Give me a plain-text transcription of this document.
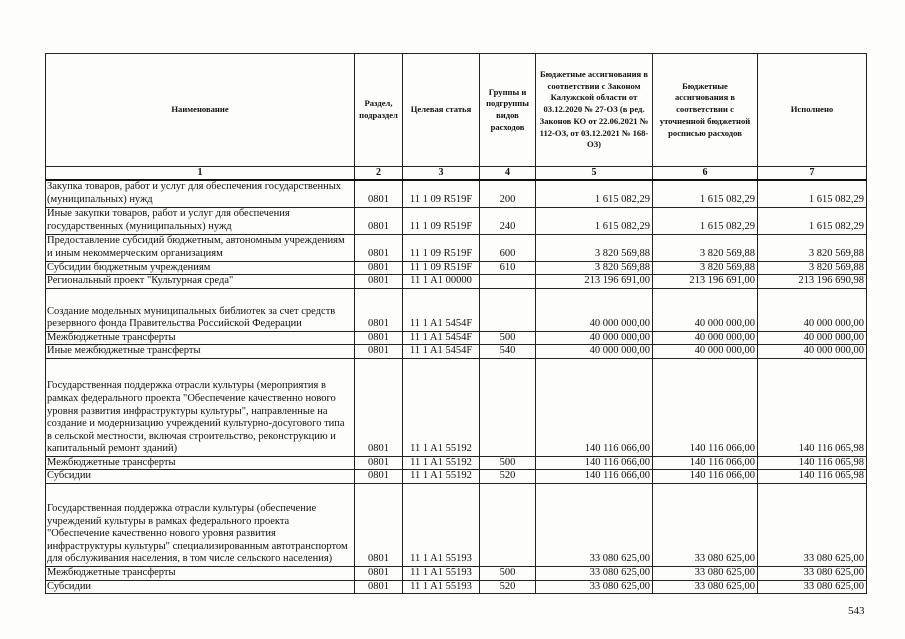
Наименование	Раздел, подраздел	Целевая статья	Группы и подгруппы видов расходов	Бюджетные ассигнования в соответствии с Законом Калужской области от 03.12.2020 № 27-ОЗ (в ред. Законов КО от 22.06.2021 № 112-ОЗ, от 03.12.2021 № 168-ОЗ)	Бюджетные ассигнования в соответствии с уточненной бюджетной росписью расходов	Исполнено
1	2	3	4	5	6	7
Закупка товаров, работ и услуг для обеспечения государственных (муниципальных) нужд	0801	11 1 09 R519F	200	1 615 082,29	1 615 082,29	1 615 082,29
Иные закупки товаров, работ и услуг для обеспечения государственных (муниципальных) нужд	0801	11 1 09 R519F	240	1 615 082,29	1 615 082,29	1 615 082,29
Предоставление субсидий бюджетным, автономным учреждениям и иным некоммерческим организациям	0801	11 1 09 R519F	600	3 820 569,88	3 820 569,88	3 820 569,88
Субсидии бюджетным учреждениям	0801	11 1 09 R519F	610	3 820 569,88	3 820 569,88	3 820 569,88
Региональный проект "Культурная среда"	0801	11 1 A1 00000		213 196 691,00	213 196 691,00	213 196 690,98
Создание модельных муниципальных библиотек за счет средств резервного фонда Правительства Российской Федерации	0801	11 1 A1 5454F		40 000 000,00	40 000 000,00	40 000 000,00
Межбюджетные трансферты	0801	11 1 A1 5454F	500	40 000 000,00	40 000 000,00	40 000 000,00
Иные межбюджетные трансферты	0801	11 1 A1 5454F	540	40 000 000,00	40 000 000,00	40 000 000,00
Государственная поддержка отрасли культуры (мероприятия в рамках федерального проекта "Обеспечение качественно нового уровня развития инфраструктуры культуры", направленные на создание и модернизацию учреждений культурно-досугового типа в сельской местности, включая строительство, реконструкцию и капитальный ремонт зданий)	0801	11 1 A1 55192		140 116 066,00	140 116 066,00	140 116 065,98
Межбюджетные трансферты	0801	11 1 A1 55192	500	140 116 066,00	140 116 066,00	140 116 065,98
Субсидии	0801	11 1 A1 55192	520	140 116 066,00	140 116 066,00	140 116 065,98
Государственная поддержка отрасли культуры (обеспечение учреждений культуры в рамках федерального проекта "Обеспечение качественно нового уровня развития инфраструктуры культуры" специализированным автотранспортом для обслуживания населения, в том числе сельского населения)	0801	11 1 A1 55193		33 080 625,00	33 080 625,00	33 080 625,00
Межбюджетные трансферты	0801	11 1 A1 55193	500	33 080 625,00	33 080 625,00	33 080 625,00
Субсидии	0801	11 1 A1 55193	520	33 080 625,00	33 080 625,00	33 080 625,00
543
